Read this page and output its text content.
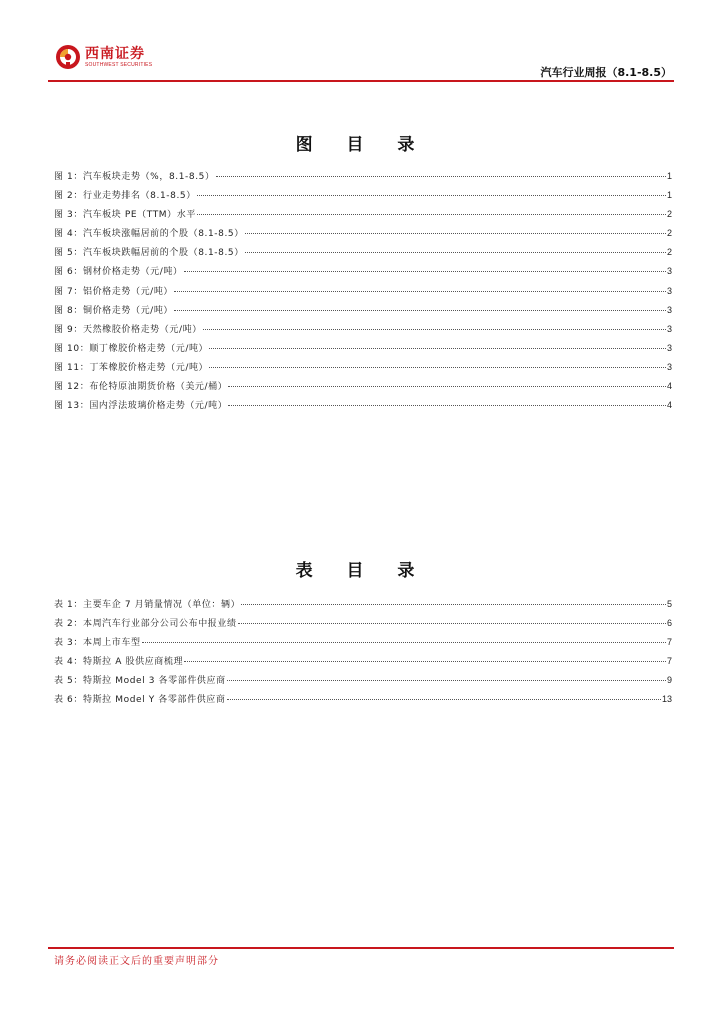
西南证券
SOUTHWEST SECURITIES
汽车行业周报（8.1-8.5）
图 目 录
图 1：汽车板块走势（%，8.1-8.5）	1
图 2：行业走势排名（8.1-8.5）	1
图 3：汽车板块 PE（TTM）水平	2
图 4：汽车板块涨幅居前的个股（8.1-8.5）	2
图 5：汽车板块跌幅居前的个股（8.1-8.5）	2
图 6：钢材价格走势（元/吨）	3
图 7：铝价格走势（元/吨）	3
图 8：铜价格走势（元/吨）	3
图 9：天然橡胶价格走势（元/吨）	3
图 10：顺丁橡胶价格走势（元/吨）	3
图 11：丁苯橡胶价格走势（元/吨）	3
图 12：布伦特原油期货价格（美元/桶）	4
图 13：国内浮法玻璃价格走势（元/吨）	4
表 目 录
表 1：主要车企 7 月销量情况（单位：辆）	5
表 2：本周汽车行业部分公司公布中报业绩	6
表 3：本周上市车型	7
表 4：特斯拉 A 股供应商梳理	7
表 5：特斯拉 Model 3 各零部件供应商	9
表 6：特斯拉 Model Y 各零部件供应商	13
请务必阅读正文后的重要声明部分
